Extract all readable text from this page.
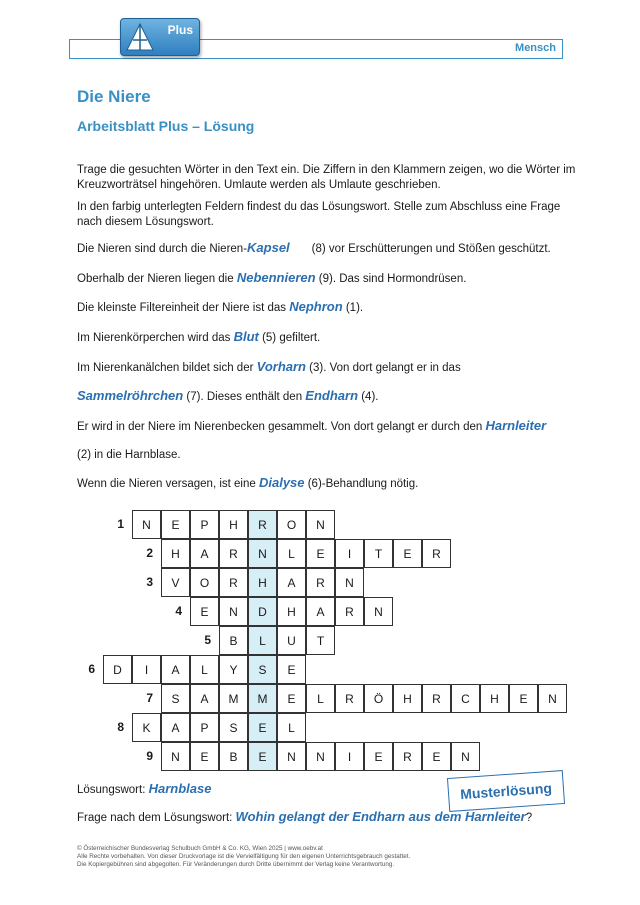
Mensch
Plus
Die Niere
Arbeitsblatt Plus – Lösung
Trage die gesuchten Wörter in den Text ein. Die Ziffern in den Klammern zeigen, wo die Wörter im Kreuzworträtsel hingehören. Umlaute werden als Umlaute geschrieben.
In den farbig unterlegten Feldern findest du das Lösungswort. Stelle zum Abschluss eine Frage nach diesem Lösungswort.
Die Nieren sind durch die Nieren-Kapsel (8) vor Erschütterungen und Stößen geschützt.
Oberhalb der Nieren liegen die Nebennieren (9). Das sind Hormondrüsen.
Die kleinste Filtereinheit der Niere ist das Nephron (1).
Im Nierenkörperchen wird das Blut (5) gefiltert.
Im Nierenkanälchen bildet sich der Vorharn (3). Von dort gelangt er in das
Sammelröhrchen (7). Dieses enthält den Endharn (4).
Er wird in der Niere im Nierenbecken gesammelt. Von dort gelangt er durch den Harnleiter
(2) in die Harnblase.
Wenn die Nieren versagen, ist eine Dialyse (6)-Behandlung nötig.
1	N	E	P	H	R	O	N
2	H	A	R	N	L	E	I	T	E	R
3	V	O	R	H	A	R	N
4	E	N	D	H	A	R	N
5	B	L	U	T
6	D	I	A	L	Y	S	E
7	S	A	M	M	E	L	R	Ö	H	R	C	H	E	N
8	K	A	P	S	E	L
9	N	E	B	E	N	N	I	E	R	E	N
Lösungswort: Harnblase
Frage nach dem Lösungswort: Wohin gelangt der Endharn aus dem Harnleiter?
Musterlösung
© Österreichischer Bundesverlag Schulbuch GmbH & Co. KG, Wien 2025 | www.oebv.at
Alle Rechte vorbehalten. Von dieser Druckvorlage ist die Vervielfältigung für den eigenen Unterrichtsgebrauch gestattet.
Die Kopiergebühren sind abgegolten. Für Veränderungen durch Dritte übernimmt der Verlag keine Verantwortung.
